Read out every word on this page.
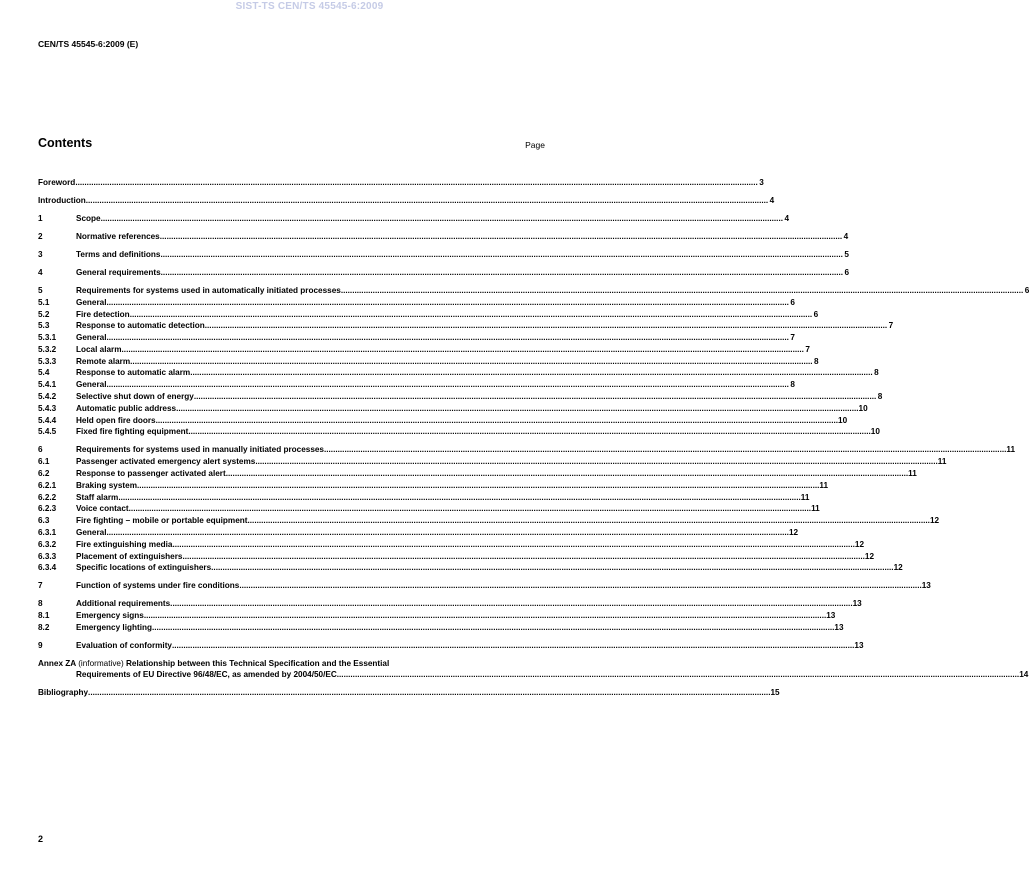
SIST-TS CEN/TS 45545-6:2009
CEN/TS 45545-6:2009 (E)
Contents	Page
Foreword ............................................................................................................................................................................................................................................................................................................ 3
Introduction ............................................................................................................................................................................................................................................................................................................ 4
1	Scope ............................................................................................................................................................................................................................................................................................................ 4
2	Normative references ............................................................................................................................................................................................................................................................................................................ 4
3	Terms and definitions ............................................................................................................................................................................................................................................................................................................ 5
4	General requirements ............................................................................................................................................................................................................................................................................................................ 6
5	Requirements for systems used in automatically initiated processes ............................................................................................................................................................................................................................................................................................................ 6
5.1	General ............................................................................................................................................................................................................................................................................................................ 6
5.2	Fire detection ............................................................................................................................................................................................................................................................................................................ 6
5.3	Response to automatic detection ............................................................................................................................................................................................................................................................................................................ 7
5.3.1	General ............................................................................................................................................................................................................................................................................................................ 7
5.3.2	Local alarm ............................................................................................................................................................................................................................................................................................................ 7
5.3.3	Remote alarm ............................................................................................................................................................................................................................................................................................................ 8
5.4	Response to automatic alarm ............................................................................................................................................................................................................................................................................................................ 8
5.4.1	General ............................................................................................................................................................................................................................................................................................................ 8
5.4.2	Selective shut down of energy ............................................................................................................................................................................................................................................................................................................ 8
5.4.3	Automatic public address ............................................................................................................................................................................................................................................................................................................ 10
5.4.4	Held open fire doors ............................................................................................................................................................................................................................................................................................................ 10
5.4.5	Fixed fire fighting equipment ............................................................................................................................................................................................................................................................................................................ 10
6	Requirements for systems used in manually initiated processes ............................................................................................................................................................................................................................................................................................................ 11
6.1	Passenger activated emergency alert systems ............................................................................................................................................................................................................................................................................................................ 11
6.2	Response to passenger activated alert ............................................................................................................................................................................................................................................................................................................ 11
6.2.1	Braking system ............................................................................................................................................................................................................................................................................................................ 11
6.2.2	Staff alarm ............................................................................................................................................................................................................................................................................................................ 11
6.2.3	Voice contact ............................................................................................................................................................................................................................................................................................................ 11
6.3	Fire fighting – mobile or portable equipment ............................................................................................................................................................................................................................................................................................................ 12
6.3.1	General ............................................................................................................................................................................................................................................................................................................ 12
6.3.2	Fire extinguishing media ............................................................................................................................................................................................................................................................................................................ 12
6.3.3	Placement of extinguishers ............................................................................................................................................................................................................................................................................................................ 12
6.3.4	Specific locations of extinguishers ............................................................................................................................................................................................................................................................................................................ 12
7	Function of systems under fire conditions ............................................................................................................................................................................................................................................................................................................ 13
8	Additional requirements ............................................................................................................................................................................................................................................................................................................ 13
8.1	Emergency signs ............................................................................................................................................................................................................................................................................................................ 13
8.2	Emergency lighting ............................................................................................................................................................................................................................................................................................................ 13
9	Evaluation of conformity ............................................................................................................................................................................................................................................................................................................ 13
Annex ZA (informative) Relationship between this Technical Specification and the Essential
Requirements of EU Directive 96/48/EC, as amended by 2004/50/EC ............................................................................................................................................................................................................................................................................................................ 14
Bibliography ............................................................................................................................................................................................................................................................................................................ 15
2
